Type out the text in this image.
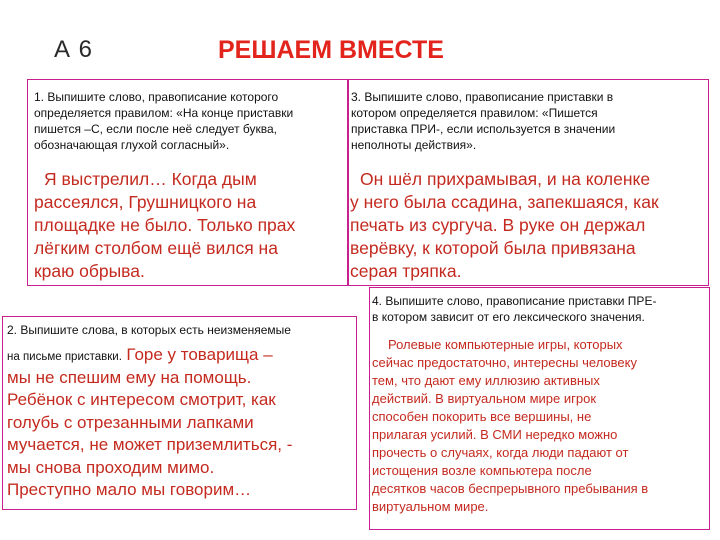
А 6	РЕШАЕМ ВМЕСТЕ
1. Выпишите слово, правописание которого
определяется правилом: «На конце приставки
пишется –С, если после неё следует буква,
обозначающая глухой согласный».
Я выстрелил… Когда дым
рассеялся, Грушницкого на
площадке не было. Только прах
лёгким столбом ещё вился на
краю обрыва.
3. Выпишите слово, правописание приставки в
котором определяется правилом: «Пишется
приставка ПРИ-, если используется в значении
неполноты действия».
Он шёл прихрамывая, и на коленке
у него была ссадина, запекшаяся, как
печать из сургуча. В руке он держал
верёвку, к которой была привязана
серая тряпка.
2. Выпишите слова, в которых есть неизменяемые
на письме приставки. Горе у товарища –
мы не спешим ему на помощь.
Ребёнок с интересом смотрит, как
голубь с отрезанными лапками
мучается, не может приземлиться, -
мы снова проходим мимо.
Преступно мало мы говорим…
4. Выпишите слово, правописание приставки ПРЕ-
в котором зависит от его лексического значения.
Ролевые компьютерные игры, которых
сейчас предостаточно, интересны человеку
тем, что дают ему иллюзию активных
действий. В виртуальном мире игрок
способен покорить все вершины, не
прилагая усилий. В СМИ нередко можно
прочесть о случаях, когда люди падают от
истощения возле компьютера после
десятков часов беспрерывного пребывания в
виртуальном мире.
